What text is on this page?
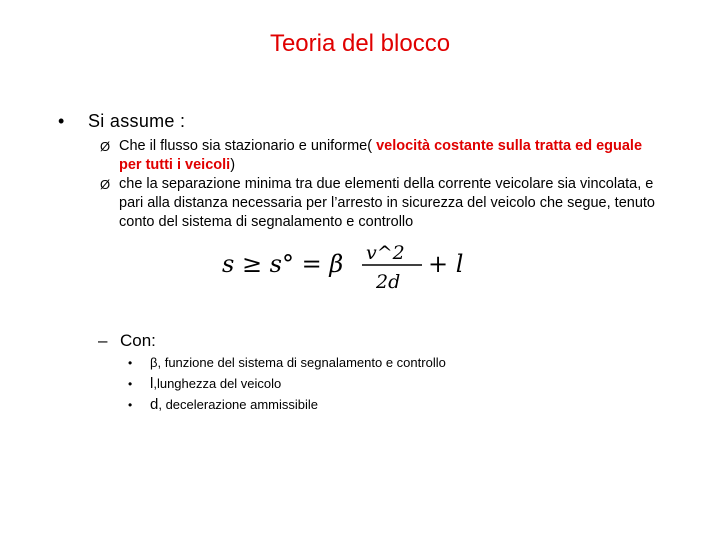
Teoria del blocco
• Si assume :
Ø Che il flusso sia stazionario e uniforme( velocità costante sulla tratta ed eguale per tutti i veicoli)
Ø che la separazione minima tra due elementi della corrente veicolare sia vincolata, e pari alla distanza necessaria per l’arresto in sicurezza del veicolo che segue, tenuto conto del sistema di segnalamento e controllo
s ≥ s° = β v^2
2d
+ l
– Con:
• β, funzione del sistema di segnalamento e controllo
• l,lunghezza del veicolo
• d, decelerazione ammissibile
